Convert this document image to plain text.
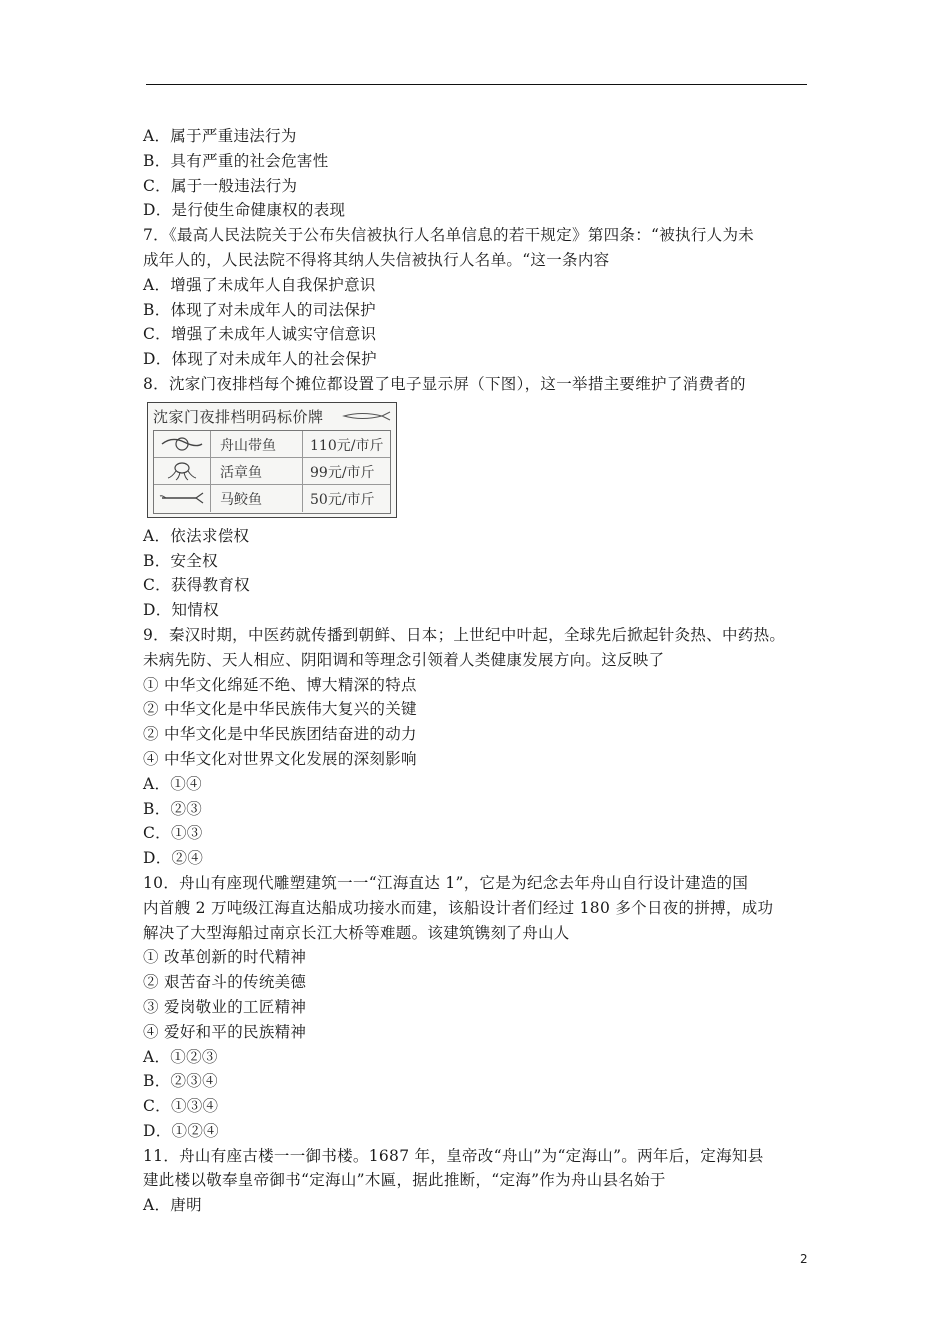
A．属于严重违法行为
B．具有严重的社会危害性
C．属于一般违法行为
D．是行使生命健康权的表现
7．《最高人民法院关于公布失信被执行人名单信息的若干规定》第四条：“被执行人为未
成年人的，人民法院不得将其纳人失信被执行人名单。“这一条内容
A．增强了未成年人自我保护意识
B．体现了对未成年人的司法保护
C．增强了未成年人诚实守信意识
D．体现了对未成年人的社会保护
8．沈家门夜排档每个摊位都设置了电子显示屏（下图），这一举措主要维护了消费者的
沈家门夜排档明码标价牌
舟山带鱼 110元/市斤
活章鱼	99元/市斤
马鲛鱼	50元/市斤
A．依法求偿权
B．安全权
C．获得教育权
D．知情权
9．秦汉时期，中医药就传播到朝鲜、日本；上世纪中叶起，全球先后掀起针灸热、中药热。
未病先防、天人相应、阴阳调和等理念引领着人类健康发展方向。这反映了
① 中华文化绵延不绝、博大精深的特点
② 中华文化是中华民族伟大复兴的关键
② 中华文化是中华民族团结奋进的动力
④ 中华文化对世界文化发展的深刻影响
A．①④
B．②③
C．①③
D．②④
10．舟山有座现代雕塑建筑一一“江海直达 1”，它是为纪念去年舟山自行设计建造的国
内首艘 2 万吨级江海直达船成功接水而建，该船设计者们经过 180 多个日夜的拼搏，成功
解决了大型海船过南京长江大桥等难题。该建筑镌刻了舟山人
① 改革创新的时代精神
② 艰苦奋斗的传统美德
③ 爱岗敬业的工匠精神
④ 爱好和平的民族精神
A．①②③
B．②③④
C．①③④
D．①②④
11．舟山有座古楼一一御书楼。1687 年，皇帝改“舟山”为“定海山”。两年后，定海知县
建此楼以敬奉皇帝御书“定海山”木匾，据此推断，“定海”作为舟山县名始于
A．唐明
2
